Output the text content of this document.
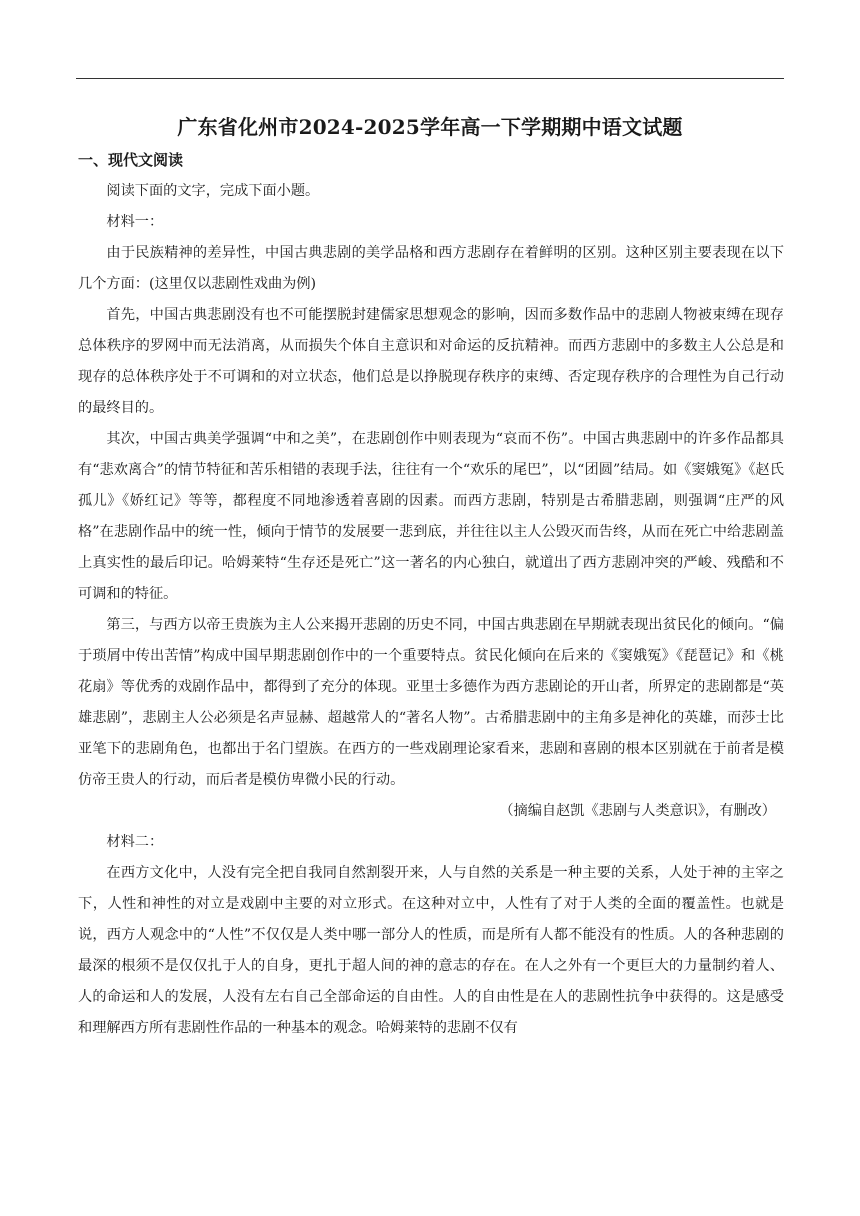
广东省化州市2024-2025学年高一下学期期中语文试题
一、现代文阅读

阅读下面的文字，完成下面小题。

材料一：

由于民族精神的差异性，中国古典悲剧的美学品格和西方悲剧存在着鲜明的区别。这种区别主要表现在以下几个方面：(这里仅以悲剧性戏曲为例)

首先，中国古典悲剧没有也不可能摆脱封建儒家思想观念的影响，因而多数作品中的悲剧人物被束缚在现存总体秩序的罗网中而无法消离，从而损失个体自主意识和对命运的反抗精神。而西方悲剧中的多数主人公总是和现存的总体秩序处于不可调和的对立状态，他们总是以挣脱现存秩序的束缚、否定现存秩序的合理性为自己行动的最终目的。

其次，中国古典美学强调“中和之美”，在悲剧创作中则表现为“哀而不伤”。中国古典悲剧中的许多作品都具有“悲欢离合”的情节特征和苦乐相错的表现手法，往往有一个“欢乐的尾巴”，以“团圆”结局。如《窦娥冤》《赵氏孤儿》《娇红记》等等，都程度不同地渗透着喜剧的因素。而西方悲剧，特别是古希腊悲剧，则强调“庄严的风格”在悲剧作品中的统一性，倾向于情节的发展要一悲到底，并往往以主人公毁灭而告终，从而在死亡中给悲剧盖上真实性的最后印记。哈姆莱特“生存还是死亡”这一著名的内心独白，就道出了西方悲剧冲突的严峻、残酷和不可调和的特征。

第三，与西方以帝王贵族为主人公来揭开悲剧的历史不同，中国古典悲剧在早期就表现出贫民化的倾向。“偏于琐屑中传出苦情”构成中国早期悲剧创作中的一个重要特点。贫民化倾向在后来的《窦娥冤》《琵琶记》和《桃花扇》等优秀的戏剧作品中，都得到了充分的体现。亚里士多德作为西方悲剧论的开山者，所界定的悲剧都是“英雄悲剧”，悲剧主人公必须是名声显赫、超越常人的“著名人物”。古希腊悲剧中的主角多是神化的英雄，而莎士比亚笔下的悲剧角色，也都出于名门望族。在西方的一些戏剧理论家看来，悲剧和喜剧的根本区别就在于前者是模仿帝王贵人的行动，而后者是模仿卑微小民的行动。

（摘编自赵凯《悲剧与人类意识》，有删改）

材料二：

在西方文化中，人没有完全把自我同自然割裂开来，人与自然的关系是一种主要的关系，人处于神的主宰之下，人性和神性的对立是戏剧中主要的对立形式。在这种对立中，人性有了对于人类的全面的覆盖性。也就是说，西方人观念中的“人性”不仅仅是人类中哪一部分人的性质，而是所有人都不能没有的性质。人的各种悲剧的最深的根须不是仅仅扎于人的自身，更扎于超人间的神的意志的存在。在人之外有一个更巨大的力量制约着人、人的命运和人的发展，人没有左右自己全部命运的自由性。人的自由性是在人的悲剧性抗争中获得的。这是感受和理解西方所有悲剧性作品的一种基本的观念。哈姆莱特的悲剧不仅有
